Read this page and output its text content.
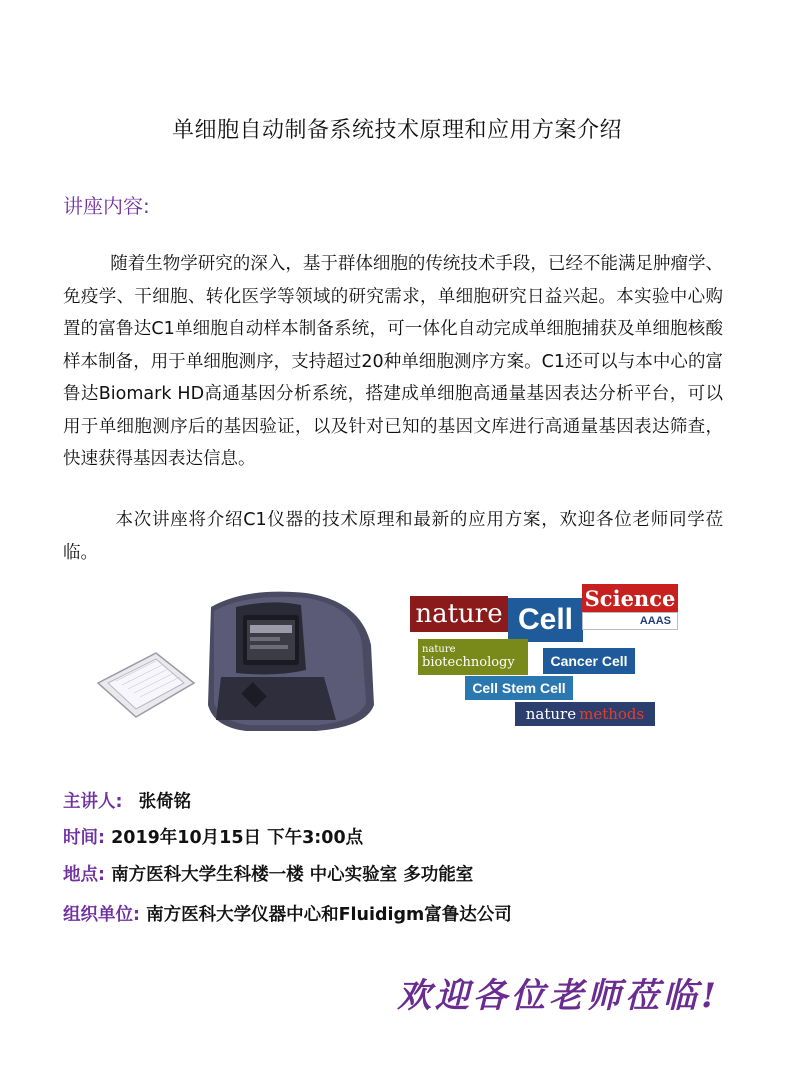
单细胞自动制备系统技术原理和应用方案介绍
讲座内容:
随着生物学研究的深入，基于群体细胞的传统技术手段，已经不能满足肿瘤学、免疫学、干细胞、转化医学等领域的研究需求，单细胞研究日益兴起。本实验中心购置的富鲁达C1单细胞自动样本制备系统，可一体化自动完成单细胞捕获及单细胞核酸样本制备，用于单细胞测序，支持超过20种单细胞测序方案。C1还可以与本中心的富鲁达Biomark HD高通基因分析系统，搭建成单细胞高通量基因表达分析平台，可以用于单细胞测序后的基因验证，以及针对已知的基因文库进行高通量基因表达筛查，快速获得基因表达信息。
本次讲座将介绍C1仪器的技术原理和最新的应用方案，欢迎各位老师同学莅临。
nature Cell
Science
AAAS
nature
biotechnology	Cancer Cell
Cell Stem Cell
nature methods
主讲人: 张倚铭
时间: 2019年10月15日 下午3:00点
地点: 南方医科大学生科楼一楼 中心实验室 多功能室
组织单位: 南方医科大学仪器中心和Fluidigm富鲁达公司
欢迎各位老师莅临!
